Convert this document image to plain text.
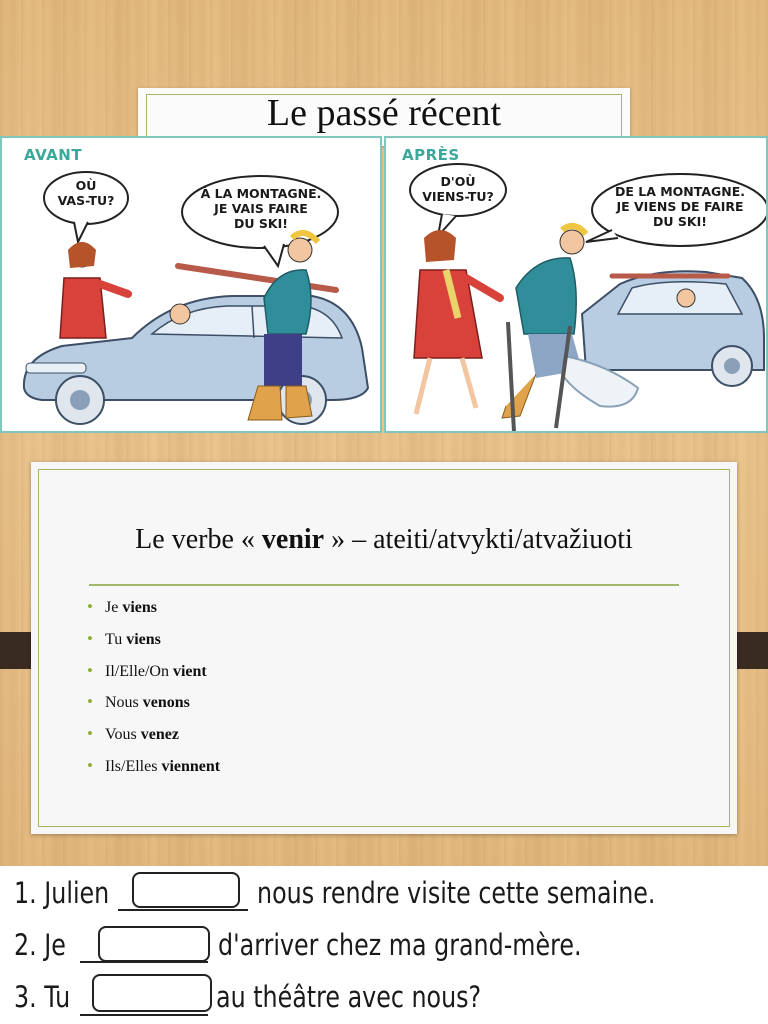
Le passé récent
AVANT
OÙ
VAS-TU?	À LA MONTAGNE.
JE VAIS FAIRE
DU SKI!
APRÈS
D'OÙ
VIENS-TU?	DE LA MONTAGNE.
JE VIENS DE FAIRE
DU SKI!
Le verbe « venir » – ateiti/atvykti/atvažiuoti
• Je viens
• Tu viens
• Il/Elle/On vient
• Nous venons
• Vous venez
• Ils/Elles viennent
1. Julien	nous rendre visite cette semaine.
2. Je	d'arriver chez ma grand-mère.
3. Tu	au théâtre avec nous?
